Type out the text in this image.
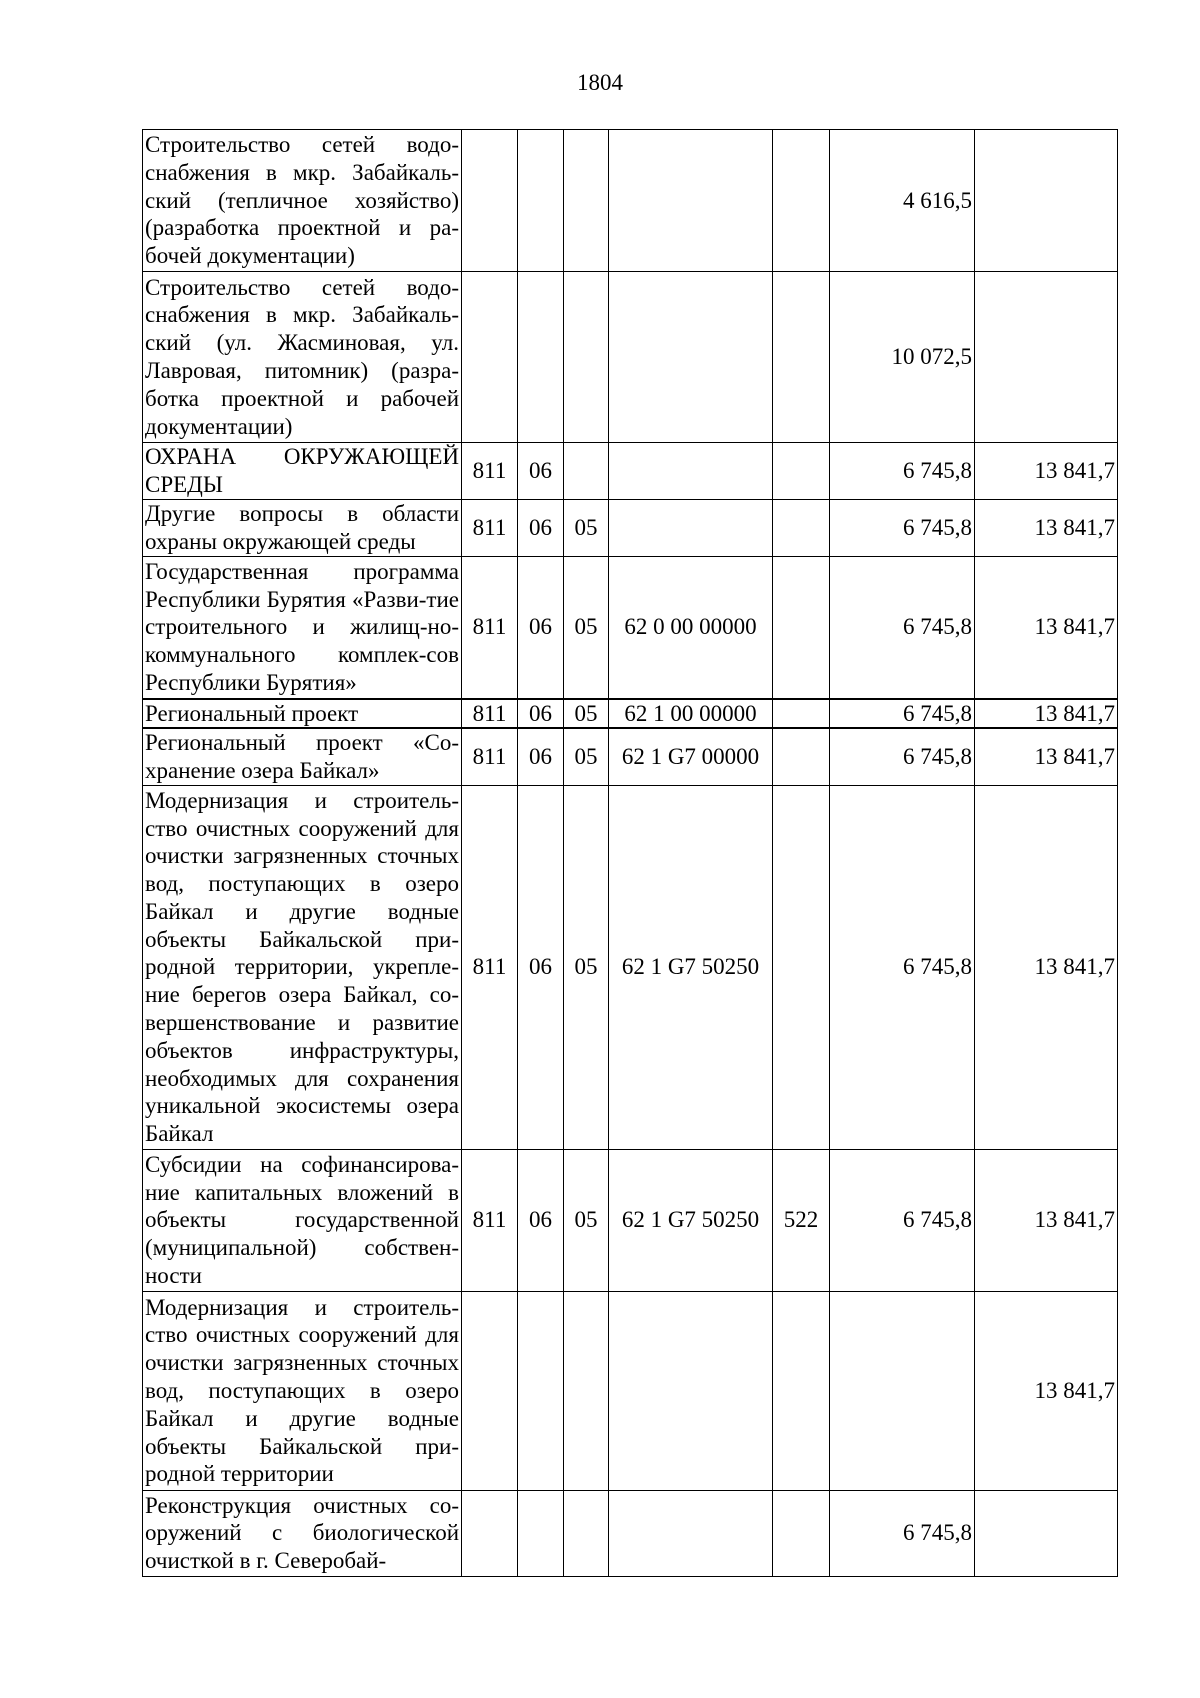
1804
Строительство сетей водо-снабжения в мкр. Забайкаль-ский (тепличное хозяйство) (разработка проектной и ра-бочей документации)						4 616,5	
Строительство сетей водо-снабжения в мкр. Забайкаль-ский (ул. Жасминовая, ул. Лавровая, питомник) (разра-ботка проектной и рабочей документации)						10 072,5	
ОХРАНА ОКРУЖАЮЩЕЙ СРЕДЫ	811	06				6 745,8	13 841,7
Другие вопросы в области охраны окружающей среды	811	06	05			6 745,8	13 841,7
Государственная программа Республики Бурятия «Разви-тие строительного и жилищ-но-коммунального комплек-сов Республики Бурятия»	811	06	05	62 0 00 00000		6 745,8	13 841,7
Региональный проект	811	06	05	62 1 00 00000		6 745,8	13 841,7
Региональный проект «Со-хранение озера Байкал»	811	06	05	62 1 G7 00000		6 745,8	13 841,7
Модернизация и строитель-ство очистных сооружений для очистки загрязненных сточных вод, поступающих в озеро Байкал и другие водные объекты Байкальской при-родной территории, укрепле-ние берегов озера Байкал, со-вершенствование и развитие объектов инфраструктуры, необходимых для сохранения уникальной экосистемы озера Байкал	811	06	05	62 1 G7 50250		6 745,8	13 841,7
Субсидии на софинансирова-ние капитальных вложений в объекты государственной (муниципальной) собствен-ности	811	06	05	62 1 G7 50250	522	6 745,8	13 841,7
Модернизация и строитель-ство очистных сооружений для очистки загрязненных сточных вод, поступающих в озеро Байкал и другие водные объекты Байкальской при-родной территории							13 841,7
Реконструкция очистных со-оружений с биологической очисткой в г. Северобай-						6 745,8	
